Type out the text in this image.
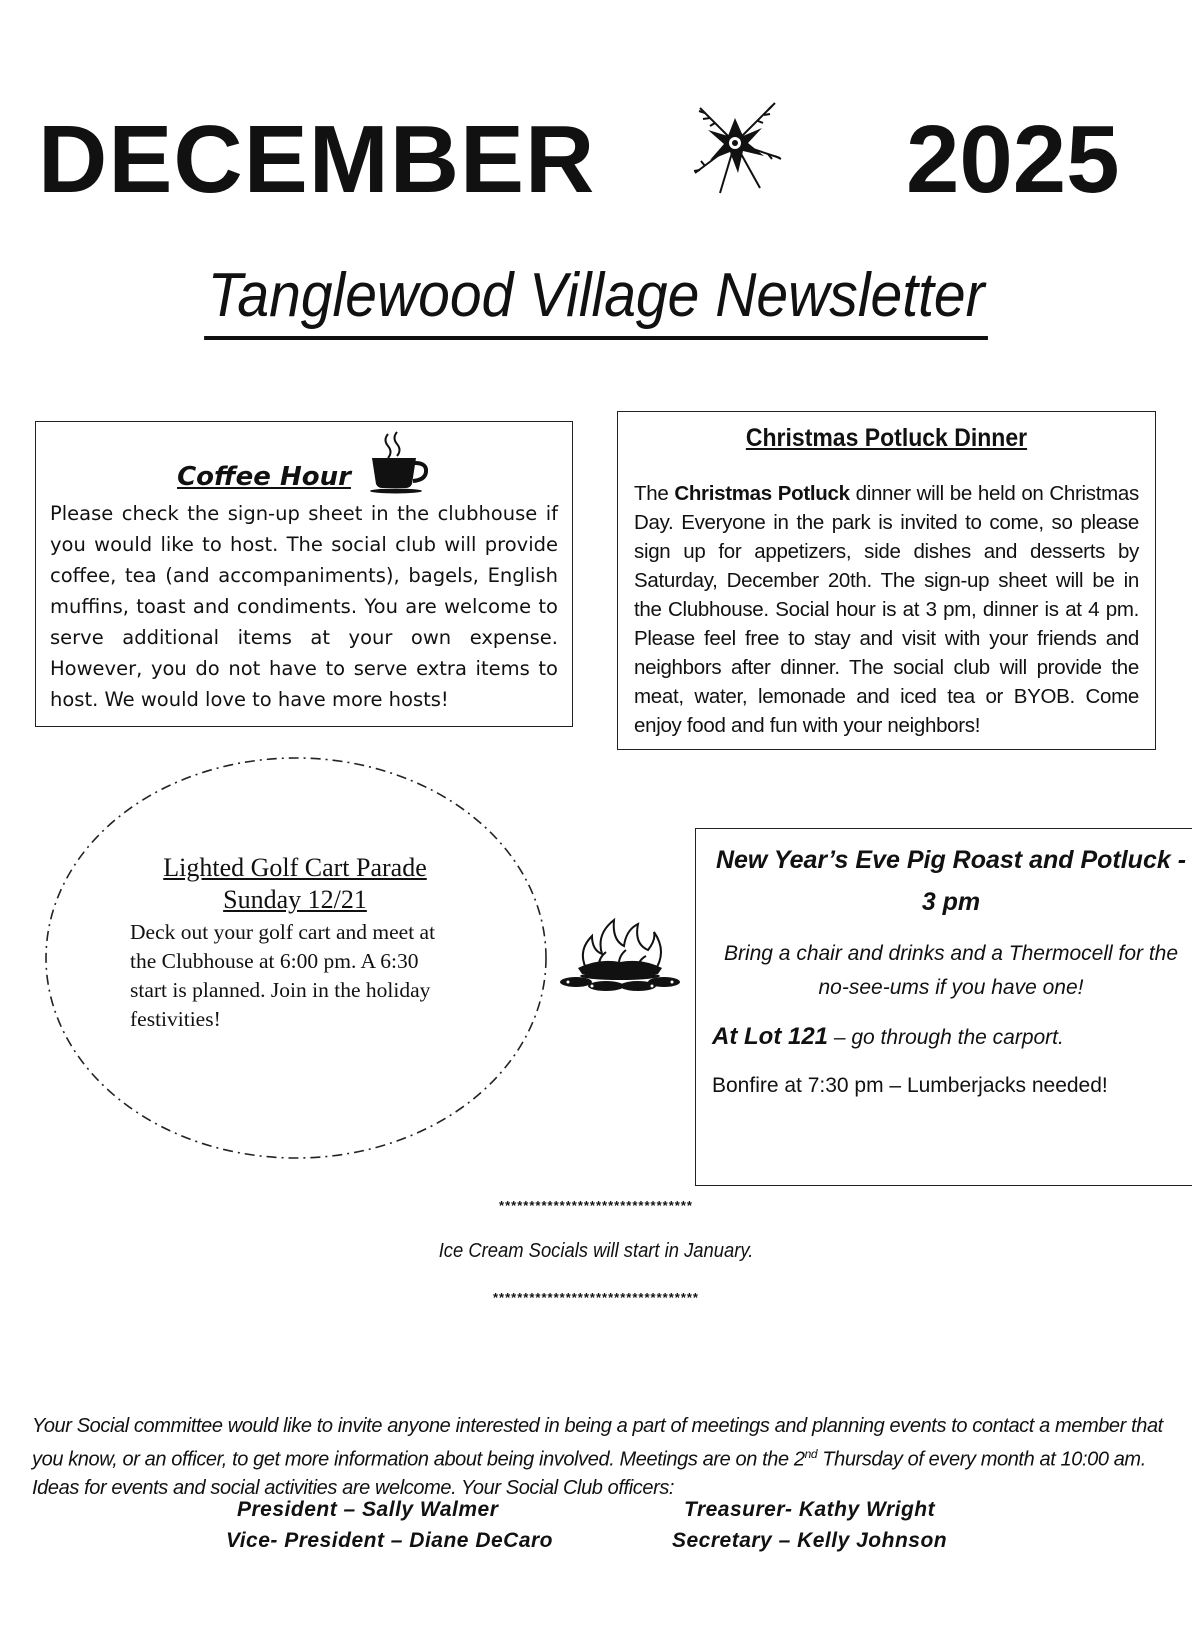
DECEMBER	2025
Tanglewood Village Newsletter
Coffee Hour
Please check the sign-up sheet in the clubhouse if you would like to host. The social club will provide coffee, tea (and accompaniments), bagels, English muffins, toast and condiments. You are welcome to serve additional items at your own expense. However, you do not have to serve extra items to host. We would love to have more hosts!
Christmas Potluck Dinner
The Christmas Potluck dinner will be held on Christmas Day. Everyone in the park is invited to come, so please sign up for appetizers, side dishes and desserts by Saturday, December 20th. The sign-up sheet will be in the Clubhouse. Social hour is at 3 pm, dinner is at 4 pm. Please feel free to stay and visit with your friends and neighbors after dinner. The social club will provide the meat, water, lemonade and iced tea or BYOB. Come enjoy food and fun with your neighbors!
Lighted Golf Cart Parade
Sunday 12/21
Deck out your golf cart and meet at the Clubhouse at 6:00 pm. A 6:30 start is planned. Join in the holiday festivities!
New Year’s Eve Pig Roast and Potluck - 3 pm
Bring a chair and drinks and a Thermocell for the no-see-ums if you have one!
At Lot 121 – go through the carport.
Bonfire at 7:30 pm – Lumberjacks needed!
********************************
Ice Cream Socials will start in January.
**********************************
Your Social committee would like to invite anyone interested in being a part of meetings and planning events to contact a member that you know, or an officer, to get more information about being involved. Meetings are on the 2nd Thursday of every month at 10:00 am. Ideas for events and social activities are welcome. Your Social Club officers:
President – Sally Walmer	Treasurer- Kathy Wright
Vice- President – Diane DeCaro	Secretary – Kelly Johnson
